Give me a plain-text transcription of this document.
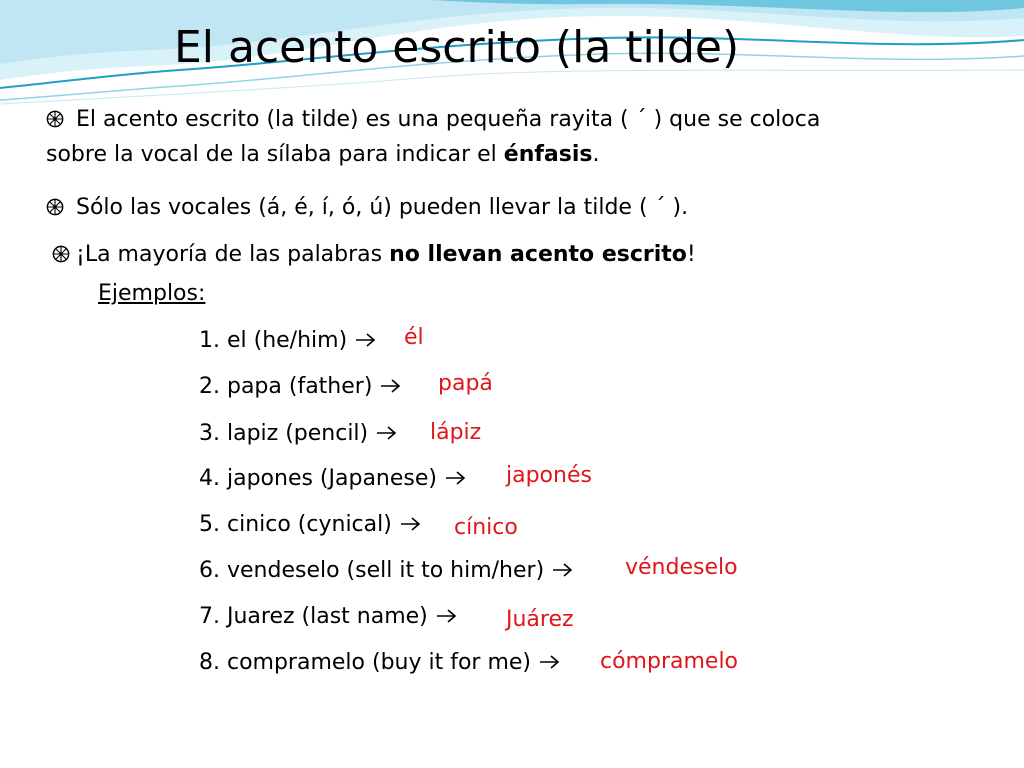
El acento escrito (la tilde)
El acento escrito (la tilde) es una pequeña rayita ( ´ ) que se coloca
sobre la vocal de la sílaba para indicar el énfasis.
Sólo las vocales (á, é, í, ó, ú) pueden llevar la tilde ( ´ ).
¡La mayoría de las palabras no llevan acento escrito!
Ejemplos:
1. el (he/him)	él
2. papa (father)	papá
3. lapiz (pencil)	lápiz
4. japones (Japanese)	japonés
5. cinico (cynical)	cínico
6. vendeselo (sell it to him/her)	véndeselo
7. Juarez (last name)	Juárez
8. compramelo (buy it for me)	cómpramelo
